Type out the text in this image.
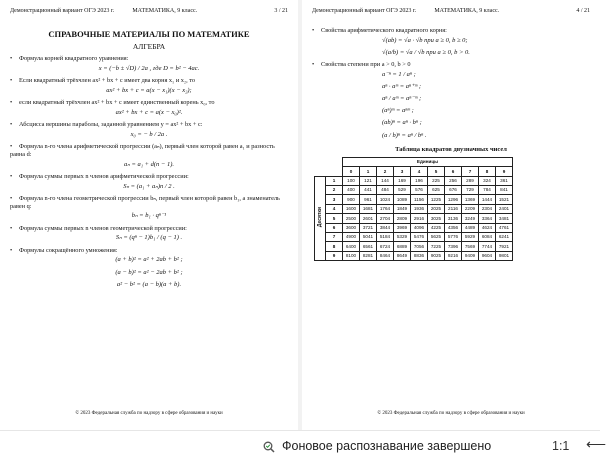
Демонстрационный вариант ОГЭ 2023 г.	МАТЕМАТИКА, 9 класс.	3 / 21
СПРАВОЧНЫЕ МАТЕРИАЛЫ ПО МАТЕМАТИКЕ
АЛГЕБРА
• Формула корней квадратного уравнения:
x = (−b ± √D) / 2a , где D = b² − 4ac.
• Если квадратный трёхчлен ax² + bx + c имеет два корня x₁ и x₂, то
ax² + bx + c = a(x − x₁)(x − x₂);
• если квадратный трёхчлен ax² + bx + c имеет единственный корень x₀, то
ax² + bx + c = a(x − x₀)².
• Абсцисса вершины параболы, заданной уравнением y = ax² + bx + c:
x₀ = − b / 2a .
• Формула n-го члена арифметической прогрессии (aₙ), первый член которой равен a₁ и разность равна d:
aₙ = a₁ + d(n − 1).
• Формула суммы первых n членов арифметической прогрессии:
Sₙ = (a₁ + aₙ)n / 2 .
• Формула n-го члена геометрической прогрессии bₙ, первый член которой равен b₁, а знаменатель равен q:
bₙ = b₁ · qⁿ⁻¹
• Формула суммы первых n членов геометрической прогрессии:
Sₙ = (qⁿ − 1)b₁ / (q − 1) .
• Формулы сокращённого умножения:
(a + b)² = a² + 2ab + b² ;
(a − b)² = a² − 2ab + b² ;
a² − b² = (a − b)(a + b).
© 2023 Федеральная служба по надзору в сфере образования и науки
Демонстрационный вариант ОГЭ 2023 г.	МАТЕМАТИКА, 9 класс.	4 / 21
• Свойства арифметического квадратного корня:
√(ab) = √a · √b при a ≥ 0, b ≥ 0;
√(a/b) = √a / √b при a ≥ 0, b > 0.
• Свойства степени при a > 0, b > 0
a⁻ⁿ = 1 / aⁿ ;
aⁿ · aᵐ = aⁿ⁺ᵐ ;
aⁿ / aᵐ = aⁿ⁻ᵐ ;
(aⁿ)ᵐ = aⁿᵐ ;
(ab)ⁿ = aⁿ · bⁿ ;
(a / b)ⁿ = aⁿ / bⁿ .
Таблица квадратов двузначных чисел
		Единицы									
		0	1	2	3	4	5	6	7	8	9
Десятки	1	100	121	144	169	196	225	256	289	324	361
	2	400	441	484	529	576	625	676	729	784	841
	3	900	961	1024	1089	1156	1225	1296	1369	1444	1521
	4	1600	1681	1764	1849	1936	2025	2116	2209	2304	2401
	5	2500	2601	2704	2809	2916	3025	3136	3249	3364	3481
	6	3600	3721	3844	3969	4096	4225	4356	4489	4624	4761
	7	4900	5041	5184	5329	5476	5625	5776	5929	6084	6241
	8	6400	6561	6724	6889	7056	7225	7396	7569	7744	7921
	9	8100	8281	8464	8649	8836	9025	9216	9409	9604	9801
© 2023 Федеральная служба по надзору в сфере образования и науки
Фоновое распознавание завершено	1:1 ⟵
